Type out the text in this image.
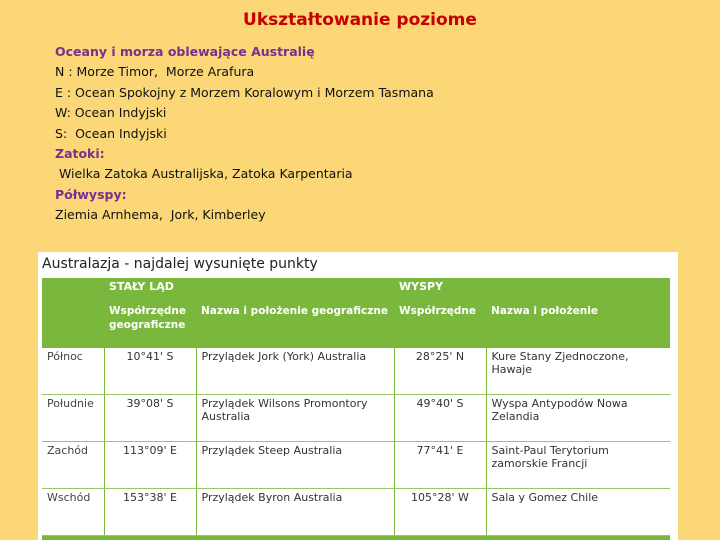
Ukształtowanie poziome
Oceany i morza oblewające Australię
N : Morze Timor,  Morze Arafura
E : Ocean Spokojny z Morzem Koralowym i Morzem Tasmana
W: Ocean Indyjski
S:  Ocean Indyjski
Zatoki:
Wielka Zatoka Australijska, Zatoka Karpentaria
Półwyspy:
Ziemia Arnhema,  Jork, Kimberley
Australazja - najdalej wysunięte punkty
	STAŁY LĄD		WYSPY	
	Współrzędne geograficzne	Nazwa i położenie geograficzne	Współrzędne	Nazwa i położenie
Północ	10°41' S	Przylądek Jork (York) Australia	28°25' N	Kure Stany Zjednoczone, Hawaje
Południe	39°08' S	Przylądek Wilsons Promontory Australia	49°40' S	Wyspa Antypodów Nowa Zelandia
Zachód	113°09' E	Przylądek Steep Australia	77°41' E	Saint-Paul Terytorium zamorskie Francji
Wschód	153°38' E	Przylądek Byron Australia	105°28' W	Sala y Gomez Chile
